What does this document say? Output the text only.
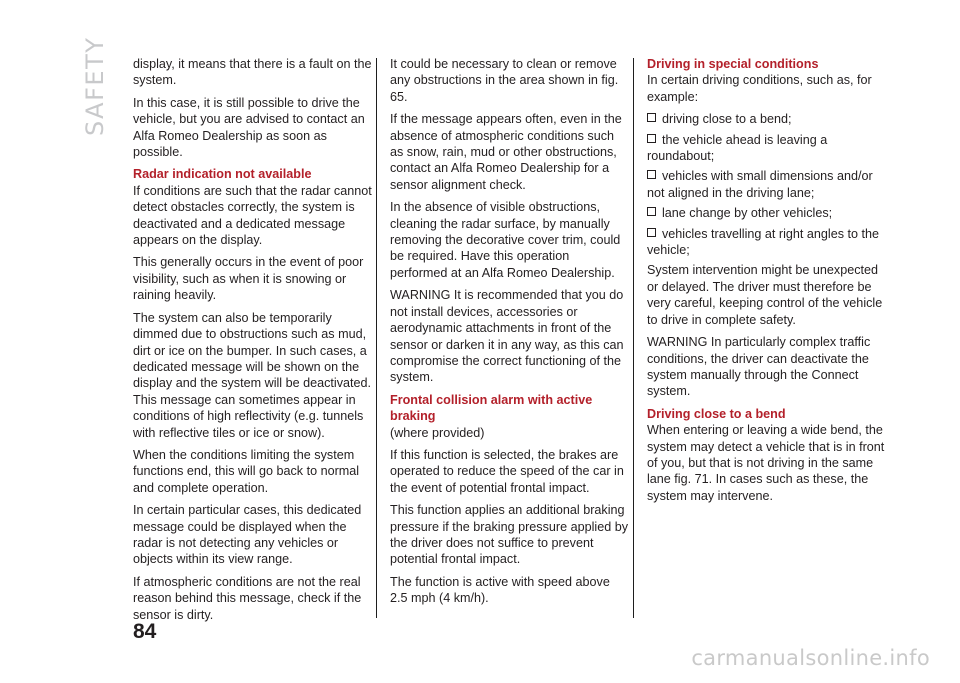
SAFETY display, it means that there is a fault on the system.

In this case, it is still possible to drive the vehicle, but you are advised to contact an Alfa Romeo Dealership as soon as possible.

Radar indication not available

If conditions are such that the radar cannot detect obstacles correctly, the system is deactivated and a dedicated message appears on the display.

This generally occurs in the event of poor visibility, such as when it is snowing or raining heavily.

The system can also be temporarily dimmed due to obstructions such as mud, dirt or ice on the bumper. In such cases, a dedicated message will be shown on the display and the system will be deactivated. This message can sometimes appear in conditions of high reflectivity (e.g. tunnels with reflective tiles or ice or snow).

When the conditions limiting the system functions end, this will go back to normal and complete operation.

In certain particular cases, this dedicated message could be displayed when the radar is not detecting any vehicles or objects within its view range.

If atmospheric conditions are not the real reason behind this message, check if the sensor is dirty.

It could be necessary to clean or remove any obstructions in the area shown in fig. 65.

If the message appears often, even in the absence of atmospheric conditions such as snow, rain, mud or other obstructions, contact an Alfa Romeo Dealership for a sensor alignment check.

In the absence of visible obstructions, cleaning the radar surface, by manually removing the decorative cover trim, could be required. Have this operation performed at an Alfa Romeo Dealership.

WARNING It is recommended that you do not install devices, accessories or aerodynamic attachments in front of the sensor or darken it in any way, as this can compromise the correct functioning of the system.

Frontal collision alarm with active braking

(where provided)

If this function is selected, the brakes are operated to reduce the speed of the car in the event of potential frontal impact.

This function applies an additional braking pressure if the braking pressure applied by the driver does not suffice to prevent potential frontal impact.

The function is active with speed above 2.5 mph (4 km/h).

Driving in special conditions

In certain driving conditions, such as, for example:

driving close to a bend;

the vehicle ahead is leaving a roundabout;

vehicles with small dimensions and/or not aligned in the driving lane;

lane change by other vehicles;

vehicles travelling at right angles to the vehicle;

System intervention might be unexpected or delayed. The driver must therefore be very careful, keeping control of the vehicle to drive in complete safety.

WARNING In particularly complex traffic conditions, the driver can deactivate the system manually through the Connect system.

Driving close to a bend

When entering or leaving a wide bend, the system may detect a vehicle that is in front of you, but that is not driving in the same lane fig. 71. In cases such as these, the system may intervene.

84
carmanualsonline.info
